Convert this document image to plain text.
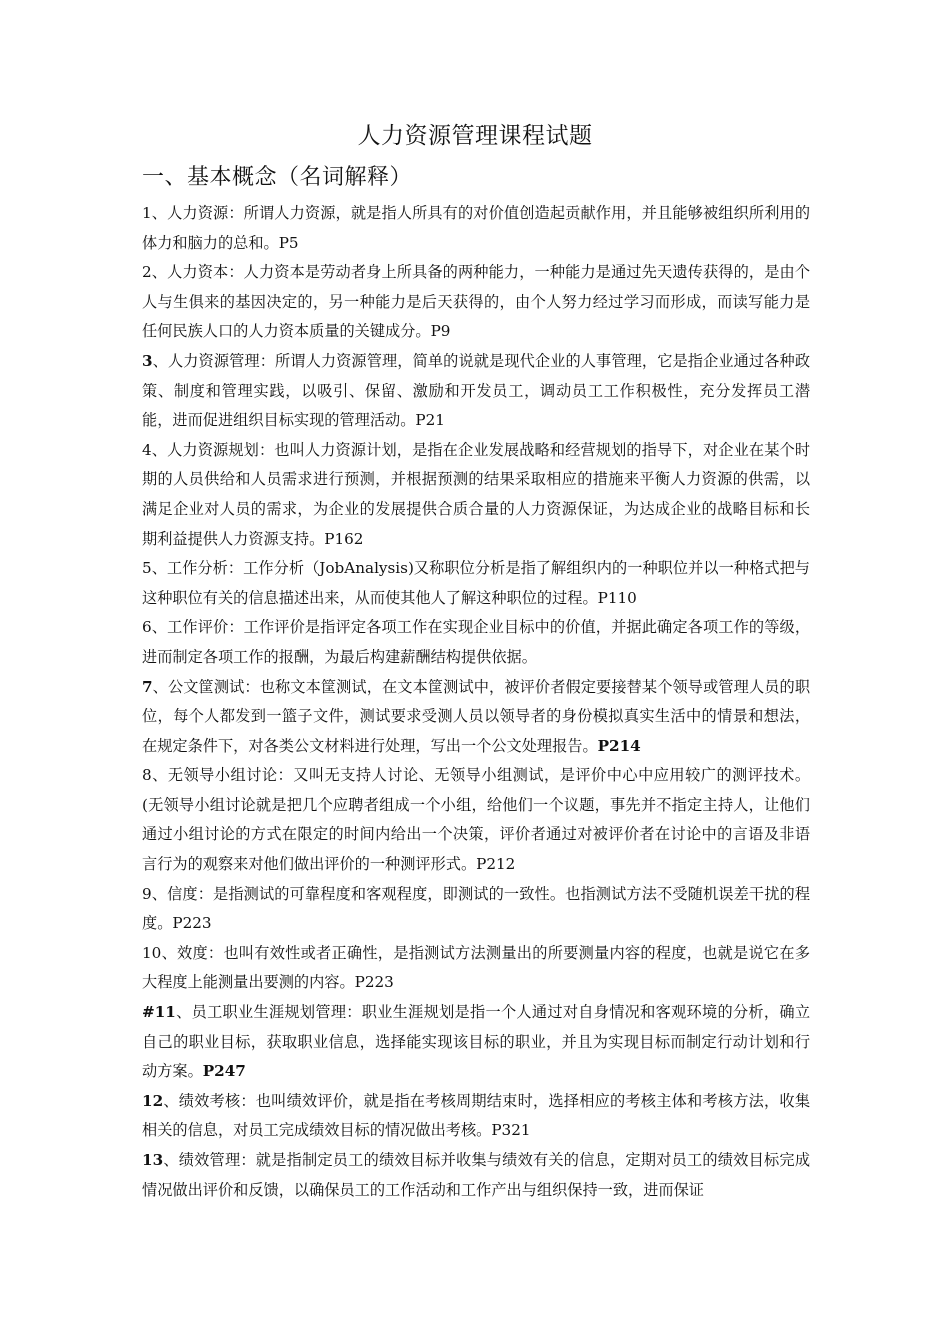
人力资源管理课程试题
一、基本概念（名词解释）

1、人力资源：所谓人力资源，就是指人所具有的对价值创造起贡献作用，并且能够被组织所利用的体力和脑力的总和。P5

2、人力资本：人力资本是劳动者身上所具备的两种能力，一种能力是通过先天遗传获得的，是由个人与生俱来的基因决定的，另一种能力是后天获得的，由个人努力经过学习而形成，而读写能力是任何民族人口的人力资本质量的关键成分。P9

3、人力资源管理：所谓人力资源管理，简单的说就是现代企业的人事管理，它是指企业通过各种政策、制度和管理实践，以吸引、保留、激励和开发员工，调动员工工作积极性，充分发挥员工潜能，进而促进组织目标实现的管理活动。P21

4、人力资源规划：也叫人力资源计划，是指在企业发展战略和经营规划的指导下，对企业在某个时期的人员供给和人员需求进行预测，并根据预测的结果采取相应的措施来平衡人力资源的供需，以满足企业对人员的需求，为企业的发展提供合质合量的人力资源保证，为达成企业的战略目标和长期利益提供人力资源支持。P162

5、工作分析：工作分析（JobAnalysis)又称职位分析是指了解组织内的一种职位并以一种格式把与这种职位有关的信息描述出来，从而使其他人了解这种职位的过程。P110

6、工作评价：工作评价是指评定各项工作在实现企业目标中的价值，并据此确定各项工作的等级，进而制定各项工作的报酬，为最后构建薪酬结构提供依据。

7、公文筐测试：也称文本筐测试，在文本筐测试中，被评价者假定要接替某个领导或管理人员的职位，每个人都发到一篮子文件，测试要求受测人员以领导者的身份模拟真实生活中的情景和想法，在规定条件下，对各类公文材料进行处理，写出一个公文处理报告。P214

8、无领导小组讨论：又叫无支持人讨论、无领导小组测试，是评价中心中应用较广的测评技术。(无领导小组讨论就是把几个应聘者组成一个小组，给他们一个议题，事先并不指定主持人，让他们通过小组讨论的方式在限定的时间内给出一个决策，评价者通过对被评价者在讨论中的言语及非语言行为的观察来对他们做出评价的一种测评形式。P212

9、信度：是指测试的可靠程度和客观程度，即测试的一致性。也指测试方法不受随机误差干扰的程度。P223

10、效度：也叫有效性或者正确性，是指测试方法测量出的所要测量内容的程度，也就是说它在多大程度上能测量出要测的内容。P223

#11、员工职业生涯规划管理：职业生涯规划是指一个人通过对自身情况和客观环境的分析，确立自己的职业目标，获取职业信息，选择能实现该目标的职业，并且为实现目标而制定行动计划和行动方案。P247

12、绩效考核：也叫绩效评价，就是指在考核周期结束时，选择相应的考核主体和考核方法，收集相关的信息，对员工完成绩效目标的情况做出考核。P321

13、绩效管理：就是指制定员工的绩效目标并收集与绩效有关的信息，定期对员工的绩效目标完成情况做出评价和反馈，以确保员工的工作活动和工作产出与组织保持一致，进而保证
